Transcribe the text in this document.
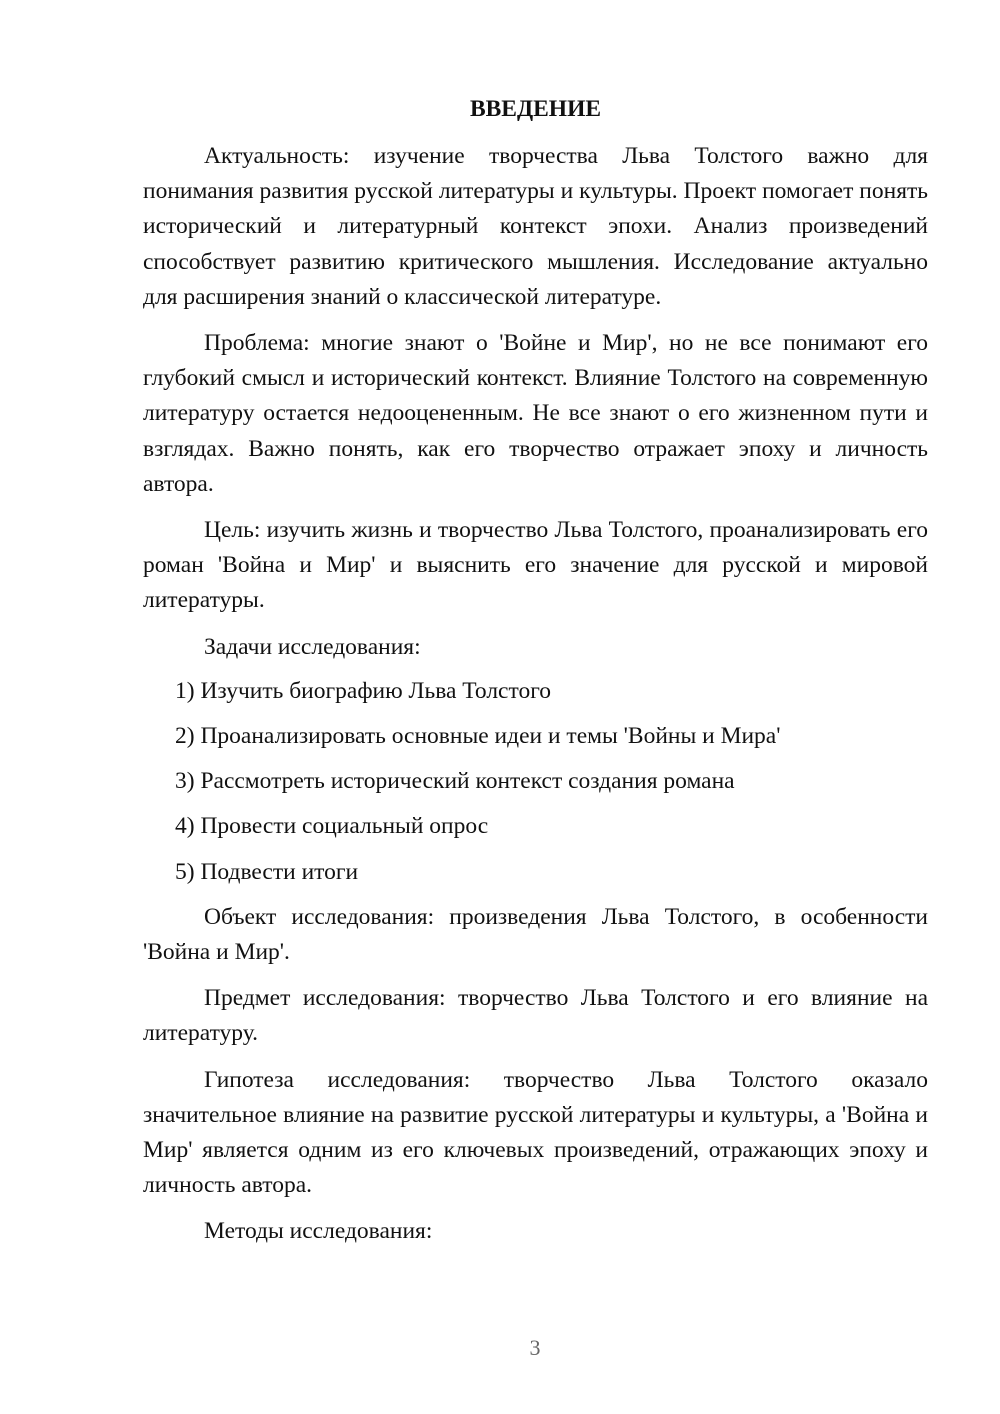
ВВЕДЕНИЕ

Актуальность: изучение творчества Льва Толстого важно для понимания развития русской литературы и культуры. Проект помогает понять исторический и литературный контекст эпохи. Анализ произведений способствует развитию критического мышления. Исследование актуально для расширения знаний о классической литературе.

Проблема: многие знают о 'Войне и Мир', но не все понимают его глубокий смысл и исторический контекст. Влияние Толстого на современную литературу остается недооцененным. Не все знают о его жизненном пути и взглядах. Важно понять, как его творчество отражает эпоху и личность автора.

Цель: изучить жизнь и творчество Льва Толстого, проанализировать его роман 'Война и Мир' и выяснить его значение для русской и мировой литературы.

Задачи исследования:

1) Изучить биографию Льва Толстого
2) Проанализировать основные идеи и темы 'Войны и Мира'
3) Рассмотреть исторический контекст создания романа
4) Провести социальный опрос
5) Подвести итоги

Объект исследования: произведения Льва Толстого, в особенности 'Война и Мир'.

Предмет исследования: творчество Льва Толстого и его влияние на литературу.

Гипотеза исследования: творчество Льва Толстого оказало значительное влияние на развитие русской литературы и культуры, а 'Война и Мир' является одним из его ключевых произведений, отражающих эпоху и личность автора.

Методы исследования:

3
